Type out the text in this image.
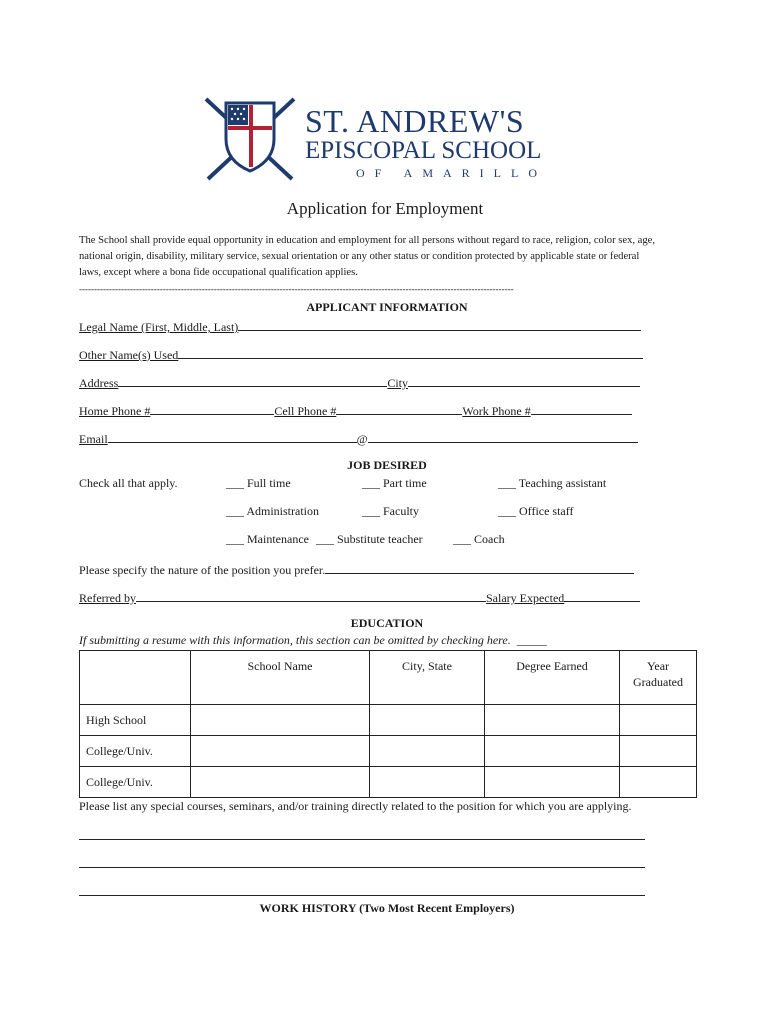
ST. ANDREW'S
EPISCOPAL SCHOOL
OF AMARILLO
Application for Employment
The School shall provide equal opportunity in education and employment for all persons without regard to race, religion, color sex, age,
national origin, disability, military service, sexual orientation or any other status or condition protected by applicable state or federal
laws, except where a bona fide occupational qualification applies.
-------------------------------------------------------------------------------------------------------------------------------------------------
APPLICANT INFORMATION
Legal Name (First, Middle, Last)
Other Name(s) Used
Address	City
Home Phone #	Cell Phone #	Work Phone #
Email	@
JOB DESIRED
Check all that apply.	___ Full time	___ Part time	___ Teaching assistant
___ Administration	___ Faculty	___ Office staff
___ Maintenance ___ Substitute teacher	___ Coach
Please specify the nature of the position you prefer.
Referred by	Salary Expected
EDUCATION
If submitting a resume with this information, this section can be omitted by checking here. _____
	School Name	City, State	Degree Earned	Year
Graduated

High School				
College/Univ.				
College/Univ.				
Please list any special courses, seminars, and/or training directly related to the position for which you are applying.
WORK HISTORY (Two Most Recent Employers)
